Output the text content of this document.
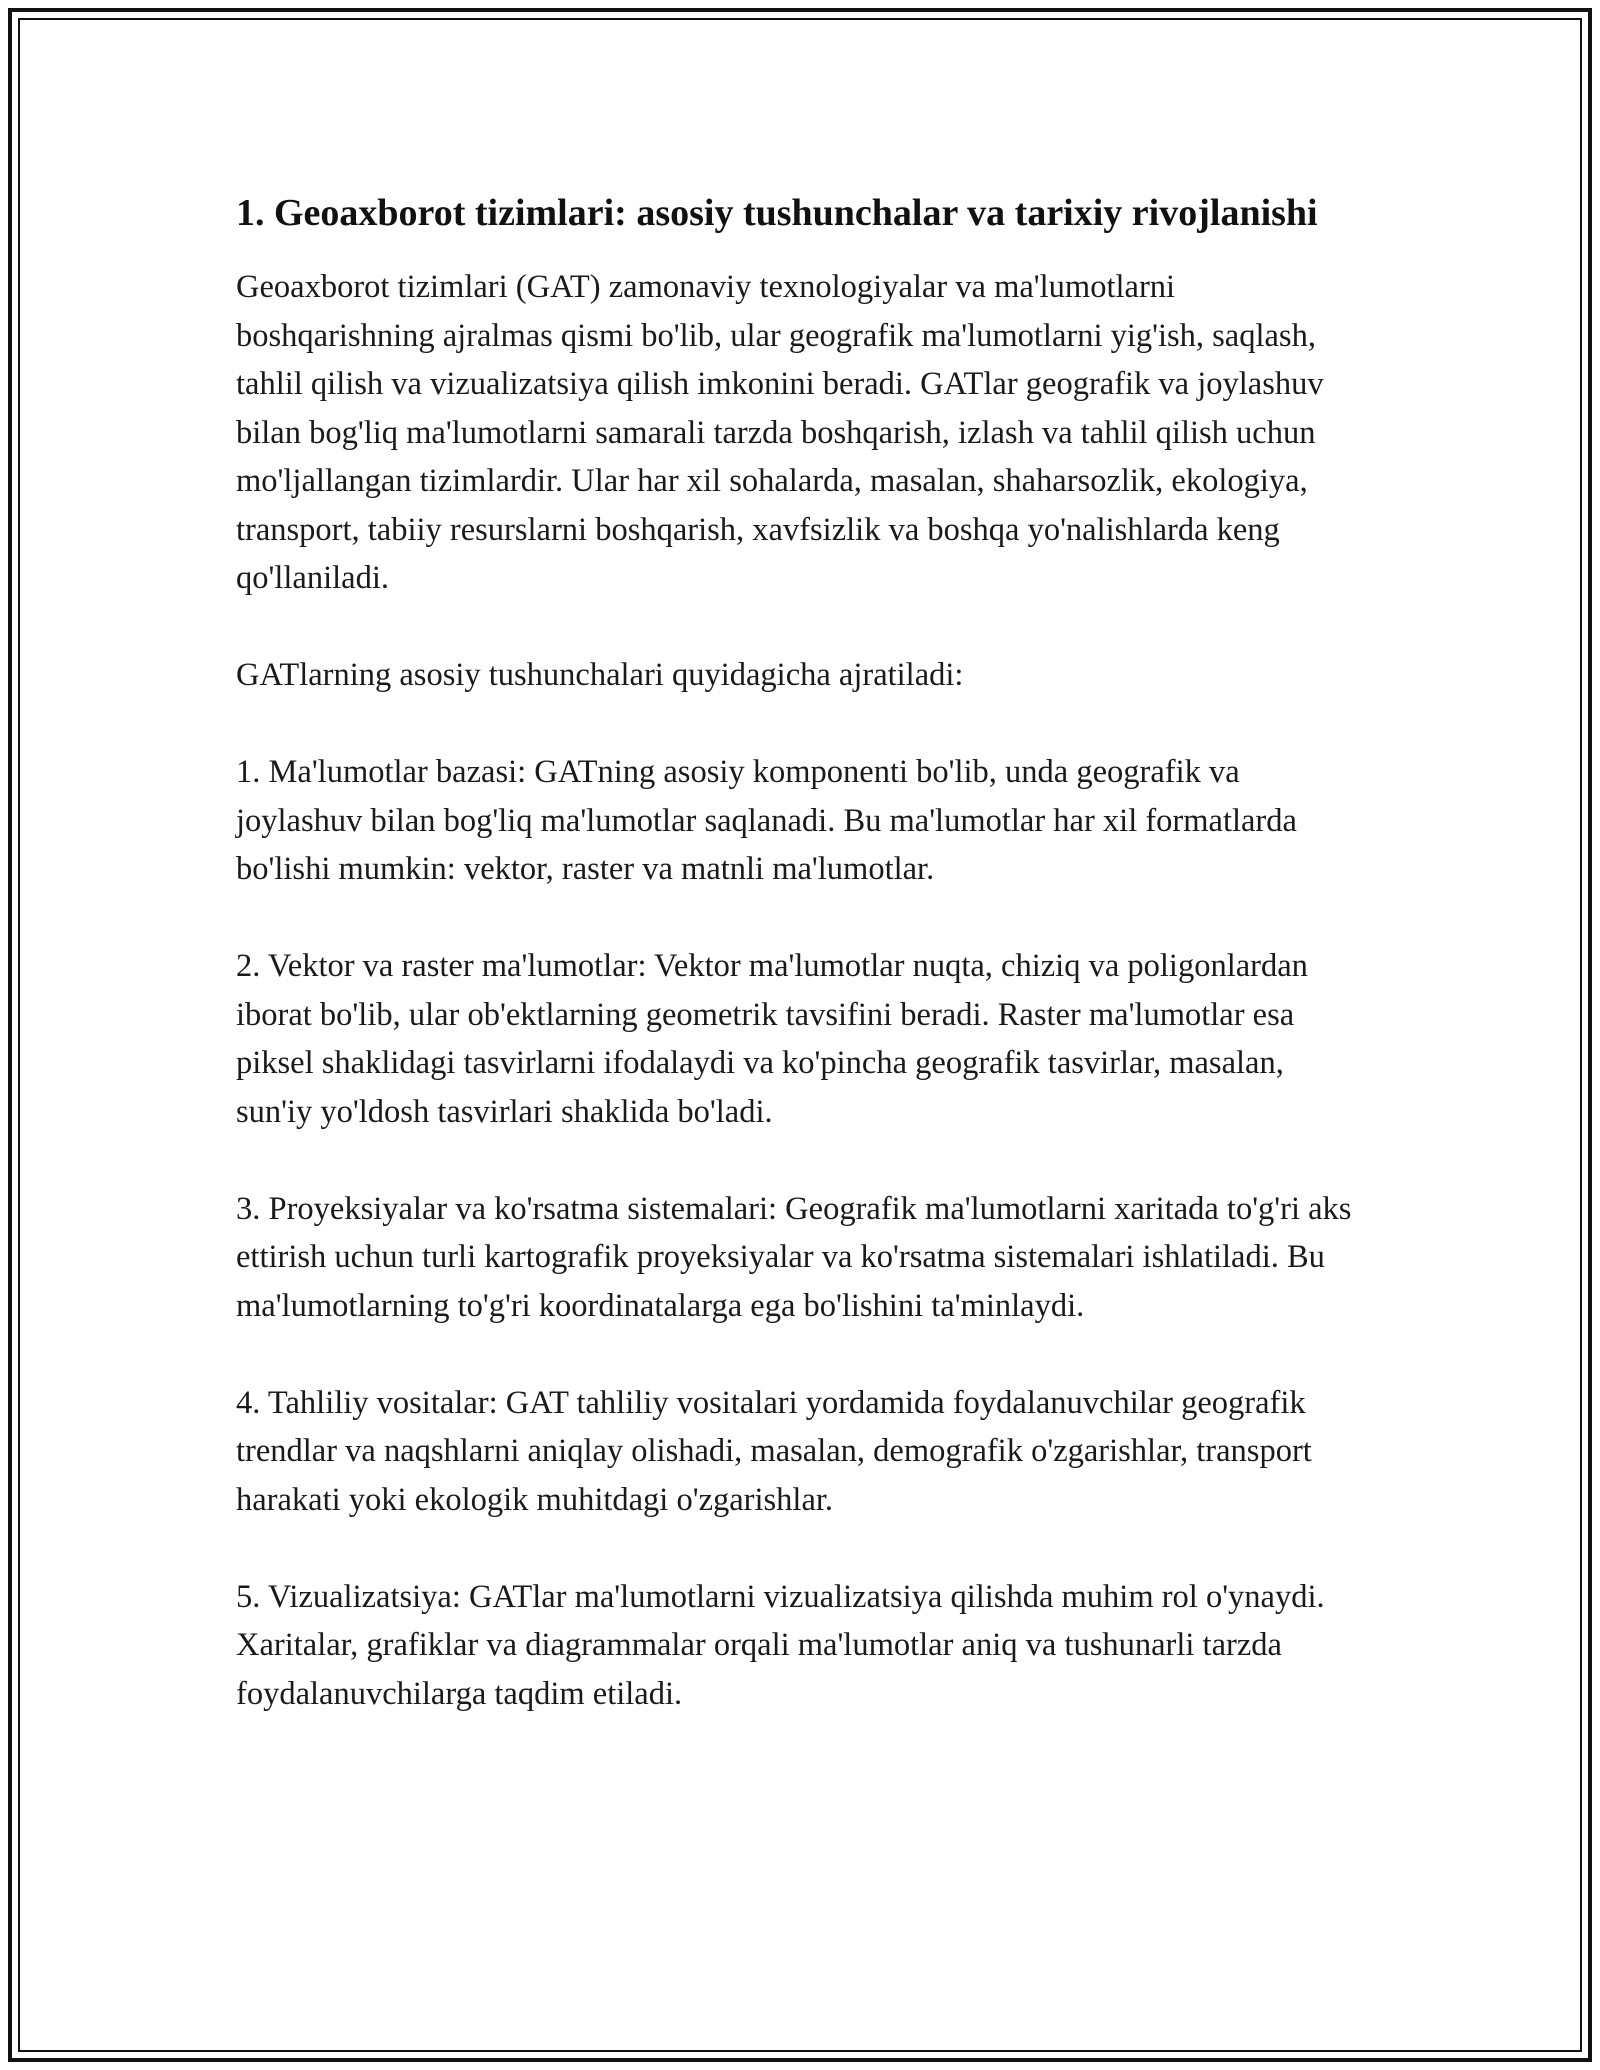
1. Geoaxborot tizimlari: asosiy tushunchalar va tarixiy rivojlanishi

Geoaxborot tizimlari (GAT) zamonaviy texnologiyalar va ma'lumotlarni boshqarishning ajralmas qismi bo'lib, ular geografik ma'lumotlarni yig'ish, saqlash, tahlil qilish va vizualizatsiya qilish imkonini beradi. GATlar geografik va joylashuv bilan bog'liq ma'lumotlarni samarali tarzda boshqarish, izlash va tahlil qilish uchun mo'ljallangan tizimlardir. Ular har xil sohalarda, masalan, shaharsozlik, ekologiya, transport, tabiiy resurslarni boshqarish, xavfsizlik va boshqa yo'nalishlarda keng qo'llaniladi.

GATlarning asosiy tushunchalari quyidagicha ajratiladi:

1. Ma'lumotlar bazasi: GATning asosiy komponenti bo'lib, unda geografik va joylashuv bilan bog'liq ma'lumotlar saqlanadi. Bu ma'lumotlar har xil formatlarda bo'lishi mumkin: vektor, raster va matnli ma'lumotlar.

2. Vektor va raster ma'lumotlar: Vektor ma'lumotlar nuqta, chiziq va poligonlardan iborat bo'lib, ular ob'ektlarning geometrik tavsifini beradi. Raster ma'lumotlar esa piksel shaklidagi tasvirlarni ifodalaydi va ko'pincha geografik tasvirlar, masalan, sun'iy yo'ldosh tasvirlari shaklida bo'ladi.

3. Proyeksiyalar va ko'rsatma sistemalari: Geografik ma'lumotlarni xaritada to'g'ri aks ettirish uchun turli kartografik proyeksiyalar va ko'rsatma sistemalari ishlatiladi. Bu ma'lumotlarning to'g'ri koordinatalarga ega bo'lishini ta'minlaydi.

4. Tahliliy vositalar: GAT tahliliy vositalari yordamida foydalanuvchilar geografik trendlar va naqshlarni aniqlay olishadi, masalan, demografik o'zgarishlar, transport harakati yoki ekologik muhitdagi o'zgarishlar.

5. Vizualizatsiya: GATlar ma'lumotlarni vizualizatsiya qilishda muhim rol o'ynaydi. Xaritalar, grafiklar va diagrammalar orqali ma'lumotlar aniq va tushunarli tarzda foydalanuvchilarga taqdim etiladi.
